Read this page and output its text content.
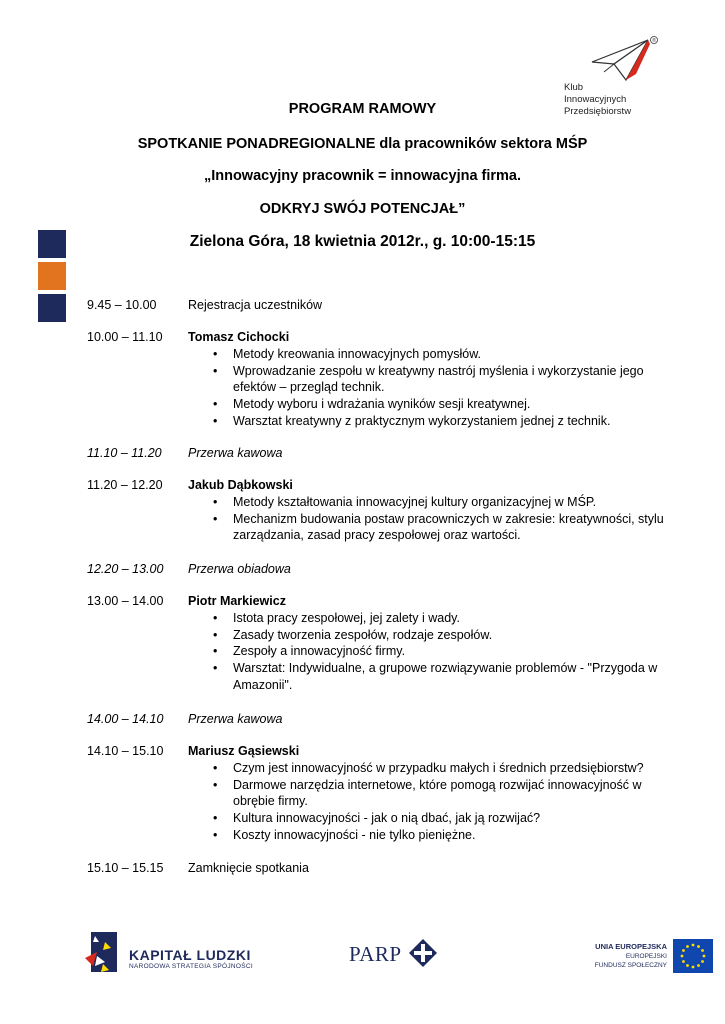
®
Klub
Innowacyjnych
Przedsiębiorstw
PROGRAM RAMOWY
SPOTKANIE PONADREGIONALNE dla pracowników sektora MŚP
„Innowacyjny pracownik = innowacyjna firma.
ODKRYJ SWÓJ POTENCJAŁ”
Zielona Góra, 18 kwietnia 2012r., g. 10:00-15:15
9.45 – 10.00	Rejestracja uczestników
10.00 – 11.10	Tomasz Cichocki
• Metody kreowania innowacyjnych pomysłów.
• Wprowadzanie zespołu w kreatywny nastrój myślenia i wykorzystanie jego efektów – przegląd technik.
• Metody wyboru i wdrażania wyników sesji kreatywnej.
• Warsztat kreatywny z praktycznym wykorzystaniem jednej z technik.
11.10 – 11.20	Przerwa kawowa
11.20 – 12.20	Jakub Dąbkowski
• Metody kształtowania innowacyjnej kultury organizacyjnej w MŚP.
• Mechanizm budowania postaw pracowniczych w zakresie: kreatywności, stylu zarządzania, zasad pracy zespołowej oraz wartości.
12.20 – 13.00	Przerwa obiadowa
13.00 – 14.00	Piotr Markiewicz
• Istota pracy zespołowej, jej zalety i wady.
• Zasady tworzenia zespołów, rodzaje zespołów.
• Zespoły a innowacyjność firmy.
• Warsztat: Indywidualne, a grupowe rozwiązywanie problemów - "Przygoda w Amazonii".
14.00 – 14.10	Przerwa kawowa
14.10 – 15.10	Mariusz Gąsiewski
• Czym jest innowacyjność w przypadku małych i średnich przedsiębiorstw?
• Darmowe narzędzia internetowe, które pomogą rozwijać innowacyjność w obrębie firmy.
• Kultura innowacyjności - jak o nią dbać, jak ją rozwijać?
• Koszty innowacyjności - nie tylko pieniężne.
15.10 – 15.15	Zamknięcie spotkania
KAPITAŁ LUDZKI
NARODOWA STRATEGIA SPÓJNOŚCI
PARP	UNIA EUROPEJSKA
EUROPEJSKI
FUNDUSZ SPOŁECZNY
